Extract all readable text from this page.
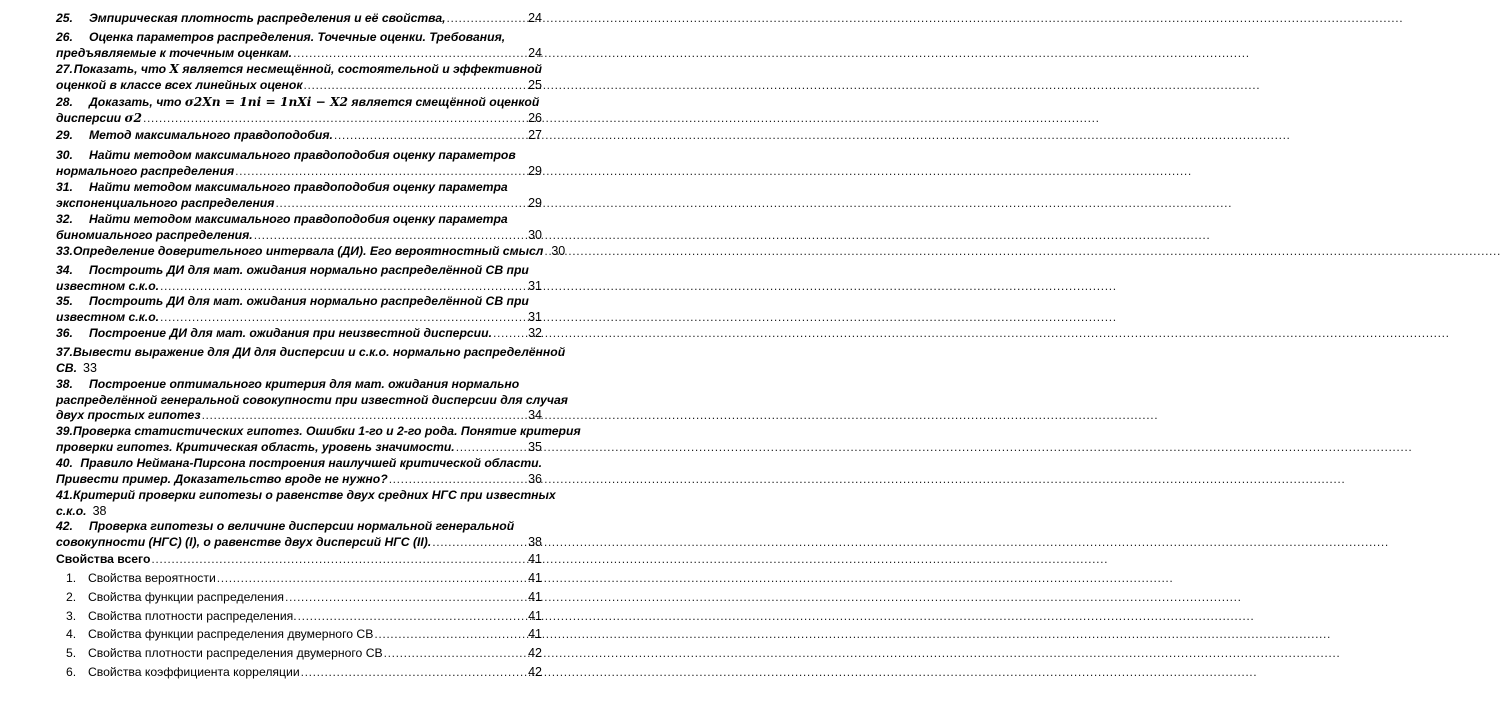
25.	Эмпирическая плотность распределения и её свойства, .....	24
26.	Оценка параметров распределения. Точечные оценки. Требования,
предъявляемые к точечным оценкам. .....	24
27. Показать, что X является несмещённой, состоятельной и эффективной
оценкой в классе всех линейных оценок .....	25
28.	Доказать, что σ2Xn = 1ni = 1nXi − X2 является смещённой оценкой
дисперсии σ2 .....	26
29.	Метод максимального правдоподобия. .....	27
30.	Найти методом максимального правдоподобия оценку параметров
нормального распределения .....	29
31.	Найти методом максимального правдоподобия оценку параметра
экспоненциального распределения .....	29
32.	Найти методом максимального правдоподобия оценку параметра
биномиального распределения. .....	30
33. Определение доверительного интервала (ДИ). Его вероятностный смысл ..... 30
34.	Построить ДИ для мат. ожидания нормально распределённой СВ при
известном с.к.о. .....	31
35.	Построить ДИ для мат. ожидания нормально распределённой СВ при
известном с.к.о. .....	31
36.	Построение ДИ для мат. ожидания при неизвестной дисперсии. .....	32
37. Вывести выражение для ДИ для дисперсии и с.к.о. нормально распределённой
СВ. 33
38.	Построение оптимального критерия для мат. ожидания нормально
распределённой генеральной совокупности при известной дисперсии для случая
двух простых гипотез .....	34
39. Проверка статистических гипотез. Ошибки 1-го и 2-го рода. Понятие критерия
проверки гипотез. Критическая область, уровень значимости. .....	35
40. Правило Неймана-Пирсона построения наилучшей критической области.
Привести пример. Доказательство вроде не нужно? .....	36
41. Критерий проверки гипотезы о равенстве двух средних НГС при известных
с.к.о. 38
42.	Проверка гипотезы о величине дисперсии нормальной генеральной
совокупности (НГС) (I), о равенстве двух дисперсий НГС (II). .....	38
Свойства всего .....	41
1. Свойства вероятности .....	41
2. Свойства функции распределения .....	41
3. Свойства плотности распределения. .....	41
4. Свойства функции распределения двумерного СВ .....	41
5. Свойства плотности распределения двумерного СВ .....	42
6. Свойства коэффициента корреляции .....	42
